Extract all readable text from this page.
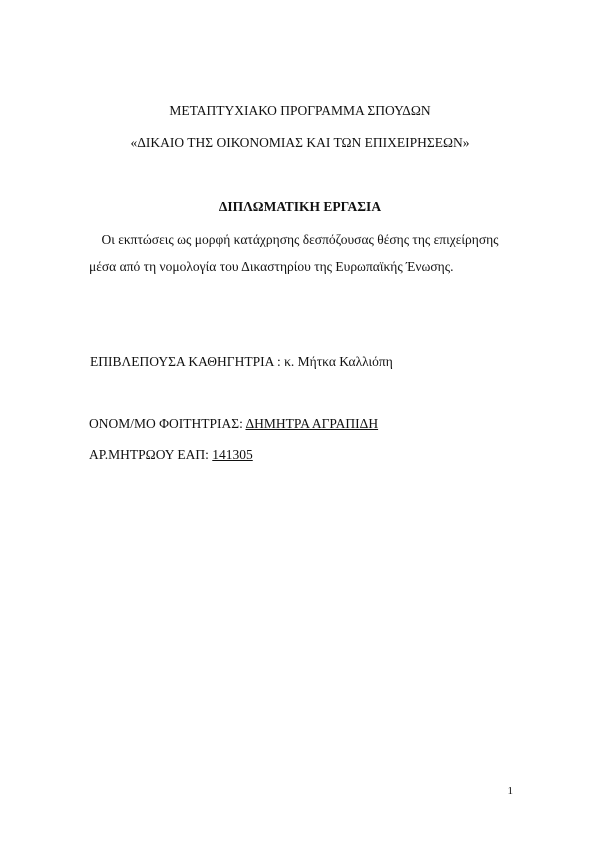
ΜΕΤΑΠΤΥΧΙΑΚΟ ΠΡΟΓΡΑΜΜΑ ΣΠΟΥΔΩΝ
«ΔΙΚΑΙΟ ΤΗΣ ΟΙΚΟΝΟΜΙΑΣ ΚΑΙ ΤΩΝ ΕΠΙΧΕΙΡΗΣΕΩΝ»
ΔΙΠΛΩΜΑΤΙΚΗ ΕΡΓΑΣΙΑ
Οι εκπτώσεις ως μορφή κατάχρησης δεσπόζουσας θέσης της επιχείρησης
μέσα από τη νομολογία του Δικαστηρίου της Ευρωπαϊκής Ένωσης.
ΕΠΙΒΛΕΠΟΥΣΑ ΚΑΘΗΓΗΤΡΙΑ : κ. Μήτκα Καλλιόπη
ΟΝΟΜ/ΜΟ ΦΟΙΤΗΤΡΙΑΣ: ΔΗΜΗΤΡΑ ΑΓΡΑΠΙΔΗ
ΑΡ.ΜΗΤΡΩΟΥ ΕΑΠ: 141305
1
